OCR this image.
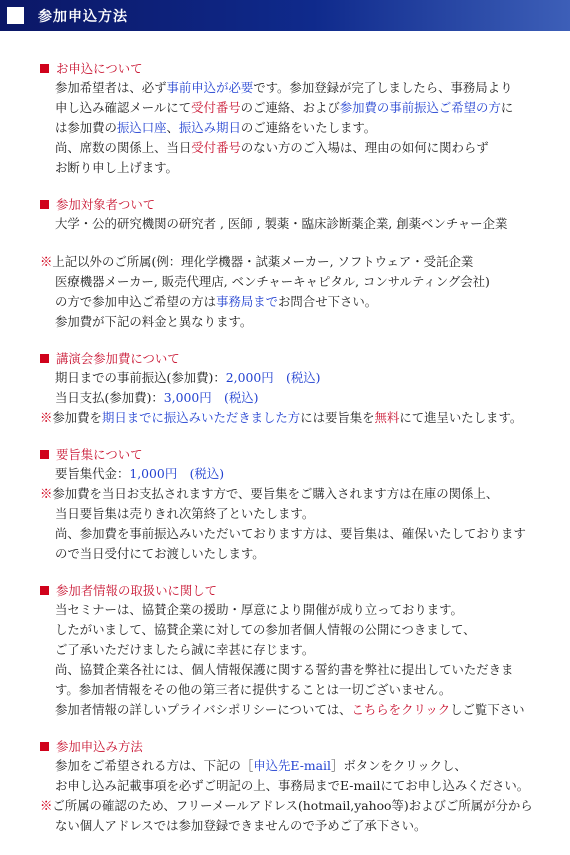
参加申込方法
お申込について
参加希望者は、必ず事前申込が必要です。参加登録が完了しましたら、事務局より
申し込み確認メールにて受付番号のご連絡、および参加費の事前振込ご希望の方に
は参加費の振込口座、振込み期日のご連絡をいたします。
尚、席数の関係上、当日受付番号のない方のご入場は、理由の如何に関わらず
お断り申し上げます。
参加対象者ついて
大学・公的研究機関の研究者 , 医師 , 製薬・臨床診断薬企業, 創薬ベンチャー企業
※上記以外のご所属(例：理化学機器・試薬メーカー, ソフトウェア・受託企業
医療機器メーカー, 販売代理店, ベンチャーキャピタル, コンサルティング会社)
の方で参加申込ご希望の方は事務局までお問合せ下さい。
参加費が下記の料金と異なります。
講演会参加費について
期日までの事前振込(参加費)：2,000円　(税込)
当日支払(参加費)：3,000円　(税込)
※参加費を期日までに振込みいただきました方には要旨集を無料にて進呈いたします。
要旨集について
要旨集代金：1,000円　(税込)
※参加費を当日お支払されます方で、要旨集をご購入されます方は在庫の関係上、
当日要旨集は売りきれ次第終了といたします。
尚、参加費を事前振込みいただいております方は、要旨集は、確保いたしております
ので当日受付にてお渡しいたします。
参加者情報の取扱いに関して
当セミナーは、協賛企業の援助・厚意により開催が成り立っております。
したがいまして、協賛企業に対しての参加者個人情報の公開につきまして、
ご了承いただけましたら誠に幸甚に存じます。
尚、協賛企業各社には、個人情報保護に関する誓約書を弊社に提出していただきま
す。参加者情報をその他の第三者に提供することは一切ございません。
参加者情報の詳しいプライバシポリシーについては、こちらをクリックしご覧下さい
参加申込み方法
参加をご希望される方は、下記の［申込先E-mail］ボタンをクリックし、
お申し込み記載事項を必ずご明記の上、事務局までE-mailにてお申し込みください。
※ご所属の確認のため、フリーメールアドレス(hotmail,yahoo等)およびご所属が分から
ない個人アドレスでは参加登録できませんので予めご了承下さい。
